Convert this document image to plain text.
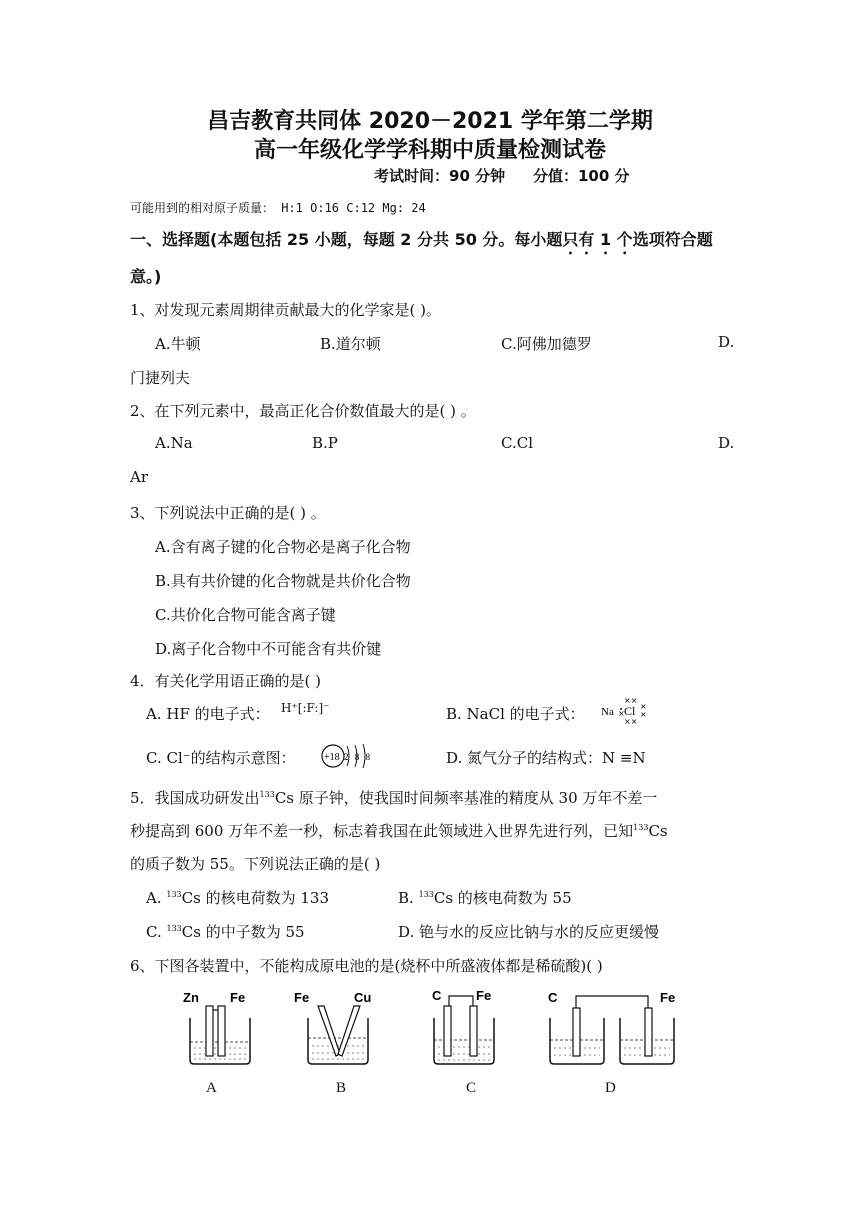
昌吉教育共同体 2020－2021 学年第二学期
高一年级化学学科期中质量检测试卷
考试时间：90 分钟 分值：100 分
可能用到的相对原子质量： H:1 O:16 C:12 Mg: 24
一、选择题(本题包括 25 小题，每题 2 分共 50 分。每小题只有 1 个选项符合题
意。)
1、对发现元素周期律贡献最大的化学家是( )。
A.牛顿	B.道尔顿	C.阿佛加德罗	D.
门捷列夫
2、在下列元素中，最高正化合价数值最大的是( ) 。
A.Na	B.P	C.Cl	D.
Ar
3、下列说法中正确的是( ) 。
A.含有离子键的化合物必是离子化合物
B.具有共价键的化合物就是共价化合物
C.共价化合物可能含离子键
D.离子化合物中不可能含有共价键
4．有关化学用语正确的是( )
A. HF 的电子式： H⁺[:F:]⁻	B. NaCl 的电子式： Na Cl
××
××
×
×
×
C. Cl⁻的结构示意图：	+18 2 8 8	D. 氮气分子的结构式：N ≡N
5．我国成功研发出$^{133}$Cs 原子钟，使我国时间频率基准的精度从 30 万年不差一
秒提高到 600 万年不差一秒，标志着我国在此领域进入世界先进行列，已知$^{133}$Cs
的质子数为 55。下列说法正确的是( )
A. $^{133}$Cs 的核电荷数为 133	B. $^{133}$Cs 的核电荷数为 55
C. $^{133}$Cs 的中子数为 55	D. 铯与水的反应比钠与水的反应更缓慢
6、下图各装置中，不能构成原电池的是(烧杯中所盛液体都是稀硫酸)( )
Zn Fe
A
Fe	Cu
B
C	Fe
C
C	Fe
D
